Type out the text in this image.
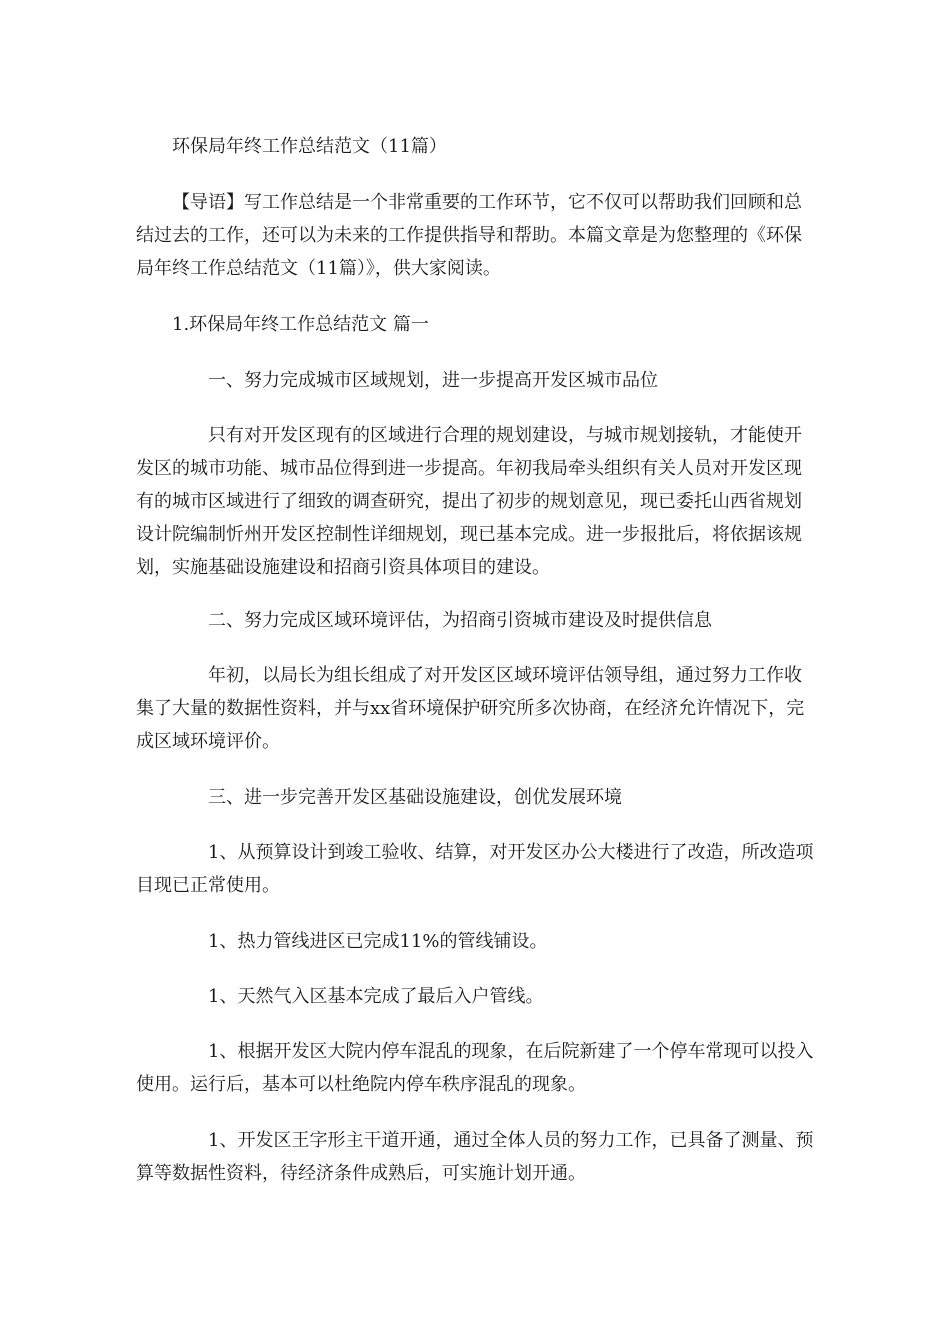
环保局年终工作总结范文（11篇）

【导语】写工作总结是一个非常重要的工作环节，它不仅可以帮助我们回顾和总结过去的工作，还可以为未来的工作提供指导和帮助。本篇文章是为您整理的《环保局年终工作总结范文（11篇）》，供大家阅读。

1.环保局年终工作总结范文 篇一

一、努力完成城市区域规划，进一步提高开发区城市品位

只有对开发区现有的区域进行合理的规划建设，与城市规划接轨，才能使开发区的城市功能、城市品位得到进一步提高。年初我局牵头组织有关人员对开发区现有的城市区域进行了细致的调查研究，提出了初步的规划意见，现已委托山西省规划设计院编制忻州开发区控制性详细规划，现已基本完成。进一步报批后，将依据该规划，实施基础设施建设和招商引资具体项目的建设。

二、努力完成区域环境评估，为招商引资城市建设及时提供信息

年初，以局长为组长组成了对开发区区域环境评估领导组，通过努力工作收集了大量的数据性资料，并与xx省环境保护研究所多次协商，在经济允许情况下，完成区域环境评价。

三、进一步完善开发区基础设施建设，创优发展环境

1、从预算设计到竣工验收、结算，对开发区办公大楼进行了改造，所改造项目现已正常使用。

1、热力管线进区已完成11%的管线铺设。

1、天然气入区基本完成了最后入户管线。

1、根据开发区大院内停车混乱的现象，在后院新建了一个停车常现可以投入使用。运行后，基本可以杜绝院内停车秩序混乱的现象。

1、开发区王字形主干道开通，通过全体人员的努力工作，已具备了测量、预算等数据性资料，待经济条件成熟后，可实施计划开通。
